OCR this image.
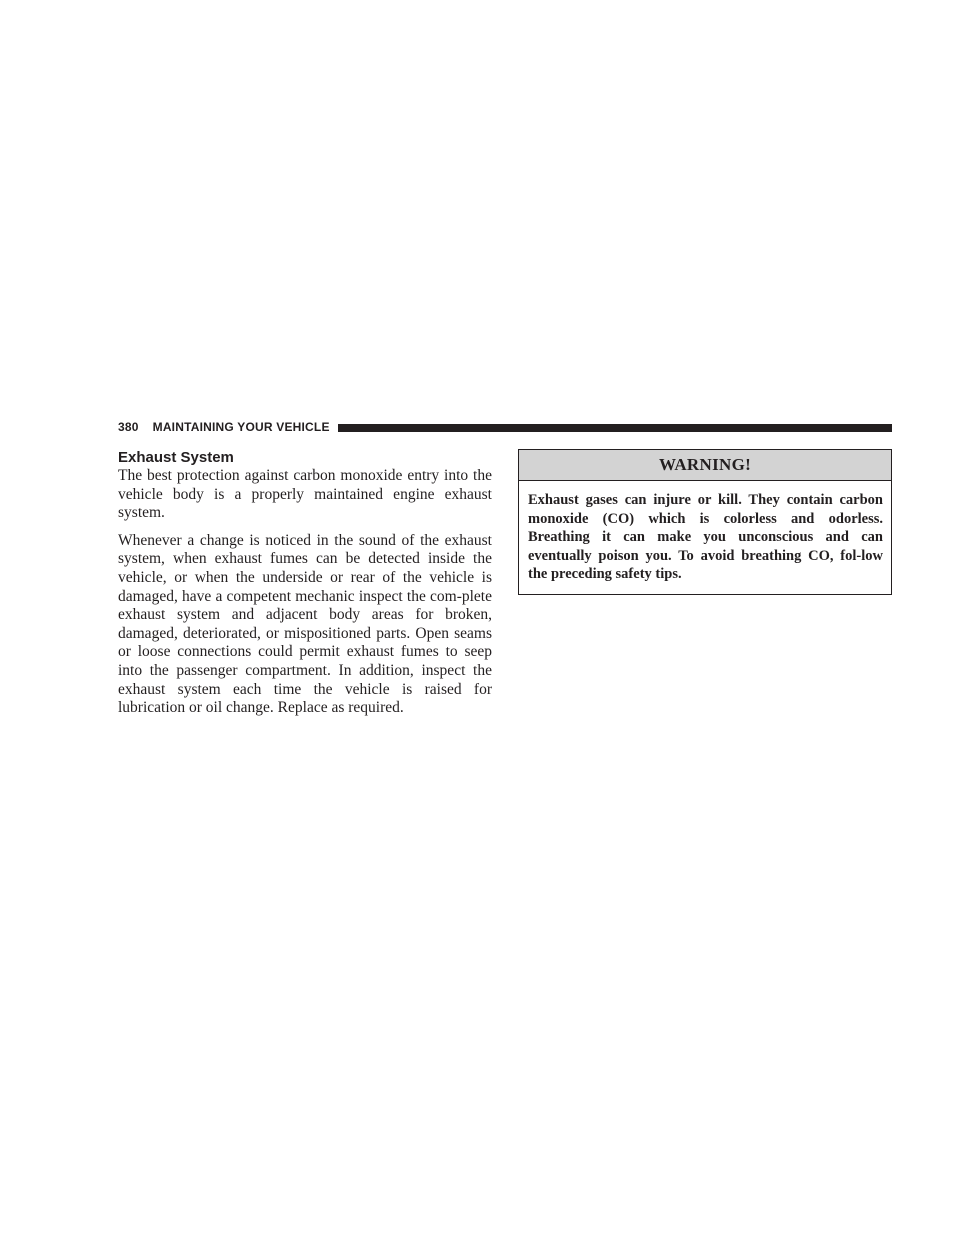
380 MAINTAINING YOUR VEHICLE
Exhaust System

The best protection against carbon monoxide entry into the vehicle body is a properly maintained engine exhaust system.

Whenever a change is noticed in the sound of the exhaust system, when exhaust fumes can be detected inside the vehicle, or when the underside or rear of the vehicle is damaged, have a competent mechanic inspect the com-plete exhaust system and adjacent body areas for broken, damaged, deteriorated, or mispositioned parts. Open seams or loose connections could permit exhaust fumes to seep into the passenger compartment. In addition, inspect the exhaust system each time the vehicle is raised for lubrication or oil change. Replace as required.

WARNING!
Exhaust gases can injure or kill. They contain carbon monoxide (CO) which is colorless and odorless. Breathing it can make you unconscious and can eventually poison you. To avoid breathing CO, fol-low the preceding safety tips.
